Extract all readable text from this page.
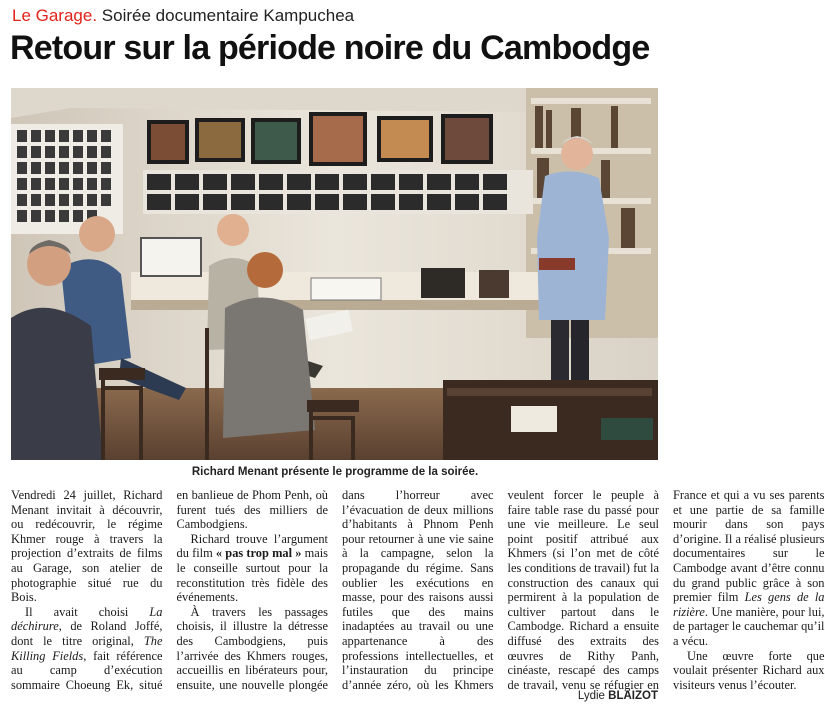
Le Garage. Soirée documentaire Kampuchea
Retour sur la période noire du Cambodge
Richard Menant présente le programme de la soirée.

Vendredi 24 juillet, Richard Menant invitait à découvrir, ou redécouvrir, le régime Khmer rouge à travers la projection d’extraits de films au Garage, son atelier de photographie situé rue du Bois.

Il avait choisi La déchirure, de Roland Joffé, dont le titre original, The Killing Fields, fait référence au camp d’exécution sommaire Choeung Ek, situé en banlieue de Phom Penh, où furent tués des milliers de Cambodgiens.

Richard trouve l’argument du film « pas trop mal » mais le conseille surtout pour la reconstitution très fidèle des événements.

À travers les passages choisis, il illustre la détresse des Cambodgiens, puis l’arrivée des Khmers rouges, accueillis en libérateurs pour, ensuite, une nouvelle plongée dans l’horreur avec l’évacuation de deux millions d’habitants à Phnom Penh pour retourner à une vie saine à la campagne, selon la propagande du régime. Sans oublier les exécutions en masse, pour des raisons aussi futiles que des mains inadaptées au travail ou une appartenance à des professions intellectuelles, et l’instauration du principe d’année zéro, où les Khmers veulent forcer le peuple à faire table rase du passé pour une vie meilleure. Le seul point positif attribué aux Khmers (si l’on met de côté les conditions de travail) fut la construction des canaux qui permirent à la population de cultiver partout dans le Cambodge. Richard a ensuite diffusé des extraits des œuvres de Rithy Panh, cinéaste, rescapé des camps de travail, venu se réfugier en France et qui a vu ses parents et une partie de sa famille mourir dans son pays d’origine. Il a réalisé plusieurs documentaires sur le Cambodge avant d’être connu du grand public grâce à son premier film Les gens de la rizière. Une manière, pour lui, de partager le cauchemar qu’il a vécu.

Une œuvre forte que voulait présenter Richard aux visiteurs venus l’écouter.

Lydie BLAIZOT
